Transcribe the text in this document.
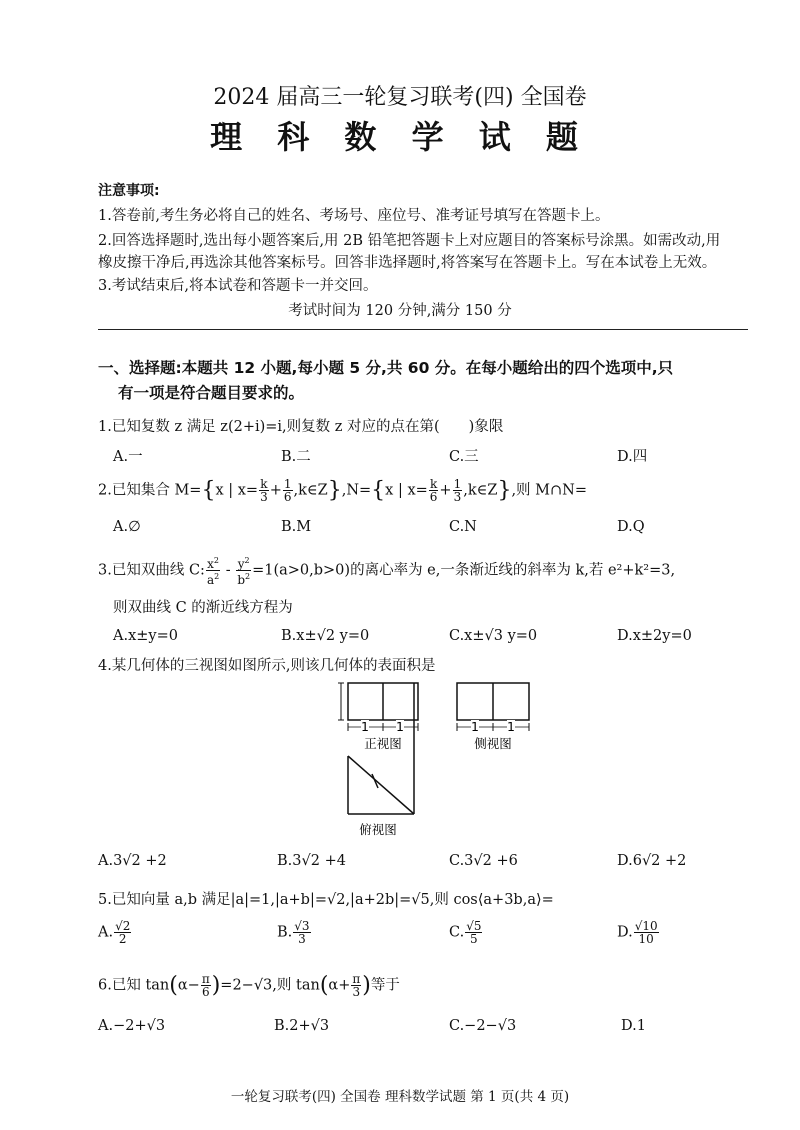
2024 届高三一轮复习联考(四) 全国卷
理 科 数 学 试 题
注意事项:
1.答卷前,考生务必将自己的姓名、考场号、座位号、准考证号填写在答题卡上。
2.回答选择题时,选出每小题答案后,用 2B 铅笔把答题卡上对应题目的答案标号涂黑。如需改动,用
橡皮擦干净后,再选涂其他答案标号。回答非选择题时,将答案写在答题卡上。写在本试卷上无效。
3.考试结束后,将本试卷和答题卡一并交回。
考试时间为 120 分钟,满分 150 分
一、选择题:本题共 12 小题,每小题 5 分,共 60 分。在每小题给出的四个选项中,只
有一项是符合题目要求的。
1.已知复数 z 满足 z(2+i)=i,则复数 z 对应的点在第(　　)象限
A.一	B.二	C.三	D.四
2.已知集合 M={x | $x= \frac{k}{3} + \frac{1}{6}$ ,k∈Z},N={x | $x= \frac{k}{6} + \frac{1}{3}$ ,k∈Z},则 M∩N=
A.∅	B.M	C.N	D.Q
3.已知双曲线 C: $\frac{x^2}{a^2} - \frac{y^2}{b^2} =1(a>0,b>0)$的离心率为 e,一条渐近线的斜率为 k,若 e²+k²=3,
则双曲线 C 的渐近线方程为
A.x±y=0	B.x±√2 y=0	C.x±√3 y=0	D.x±2y=0
4.某几何体的三视图如图所示,则该几何体的表面积是
1 1
正视图
1 1
侧视图
俯视图
A.3√2 +2	B.3√2 +4	C.3√2 +6	D.6√2 +2
5.已知向量 a,b 满足|a|=1,|a+b|=√2,|a+2b|=√5,则 cos⟨a+3b,a⟩=
A. $\frac{√2}{2}$	B. $\frac{√3}{3}$	C. $\frac{√5}{5}$	D. $\frac{√10}{10}$
6.已知 $\tan(\alpha- \frac{\pi}{6} )=2-√3$,则 $\tan(\alpha+ \frac{\pi}{3}$ )等于
A.−2+√3	B.2+√3	C.−2−√3	D.1
一轮复习联考(四) 全国卷 理科数学试题 第 1 页(共 4 页)
